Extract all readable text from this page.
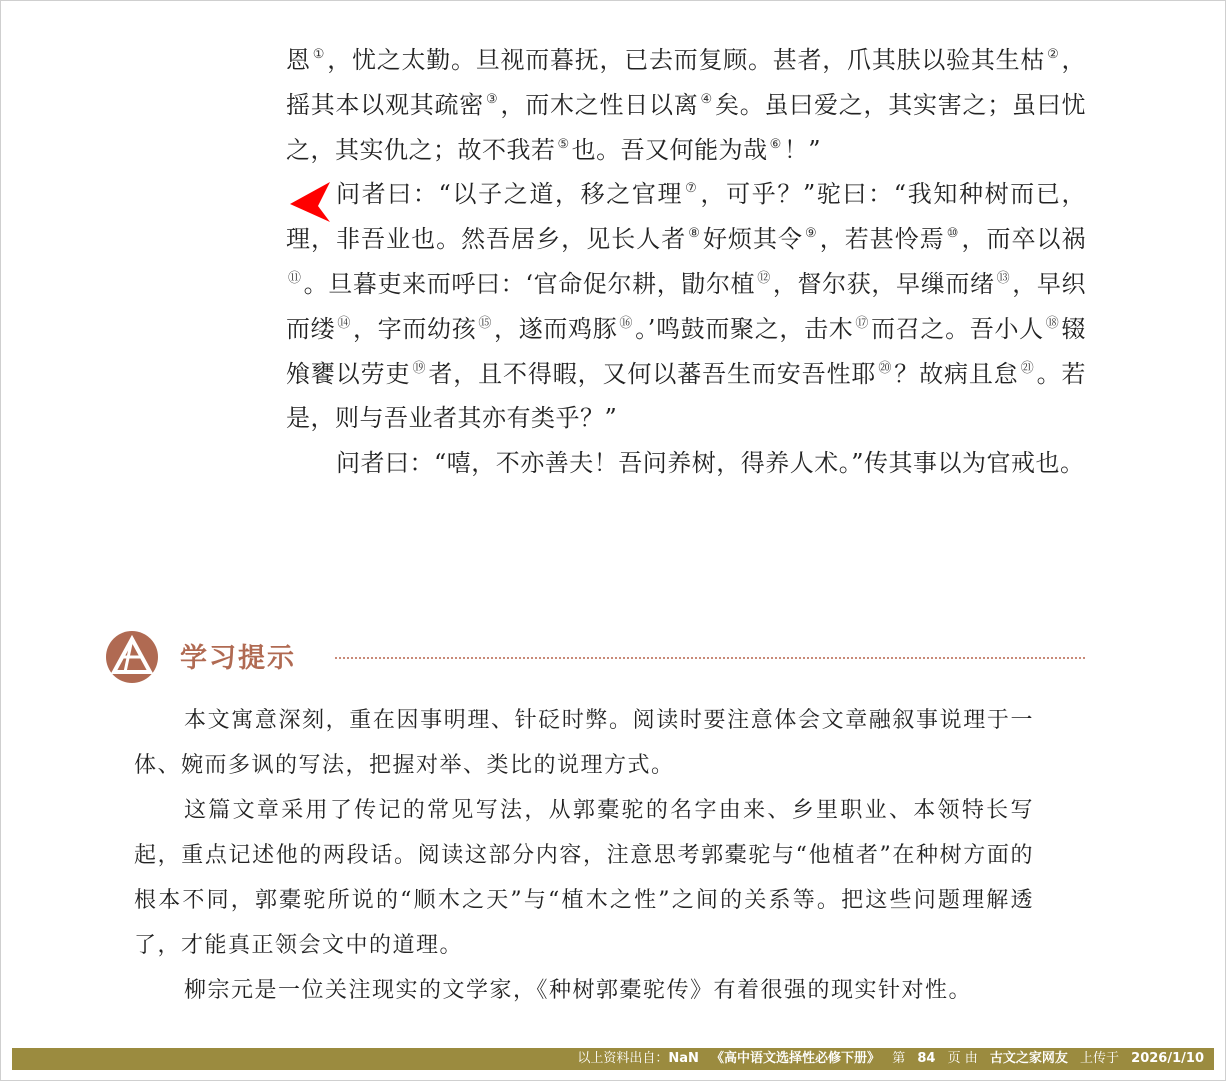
恩 ①，忧之太勤。旦视而暮抚，已去而复顾。甚者，爪其肤以验其生枯 ②，摇其本以观其疏密 ③，而木之性日以离 ④矣。虽曰爱之，其实害之；虽曰忧之，其实仇之；故不我若 ⑤也。吾又何能为哉 ⑥！”

问者曰：“以子之道，移之官理 ⑦，可乎？”驼曰：“我知种树而已，理，非吾业也。然吾居乡，见长人者 ⑧好烦其令 ⑨，若甚怜焉 ⑩，而卒以祸⑪。旦暮吏来而呼曰：‘官命促尔耕，勖尔植 ⑫，督尔获，早缫而绪 ⑬，早织而缕 ⑭，字而幼孩 ⑮，遂而鸡豚 ⑯。’鸣鼓而聚之，击木 ⑰而召之。吾小人 ⑱辍飧饔以劳吏 ⑲者，且不得暇，又何以蕃吾生而安吾性耶 ⑳？故病且怠 $^㉑$。若是，则与吾业者其亦有类乎？”

问者曰：“嘻，不亦善夫！吾问养树，得养人术。”传其事以为官戒也。

学习提示

本文寓意深刻，重在因事明理、针砭时弊。阅读时要注意体会文章融叙事说理于一体、婉而多讽的写法，把握对举、类比的说理方式。

这篇文章采用了传记的常见写法，从郭橐驼的名字由来、乡里职业、本领特长写起，重点记述他的两段话。阅读这部分内容，注意思考郭橐驼与“他植者”在种树方面的根本不同，郭橐驼所说的“顺木之天”与“植木之性”之间的关系等。把这些问题理解透了，才能真正领会文中的道理。

柳宗元是一位关注现实的文学家，《种树郭橐驼传》有着很强的现实针对性。

以上资料出自：NaN 《高中语文选择性必修下册》 第 84 页 由 古文之家网友 上传于 2026/1/10
